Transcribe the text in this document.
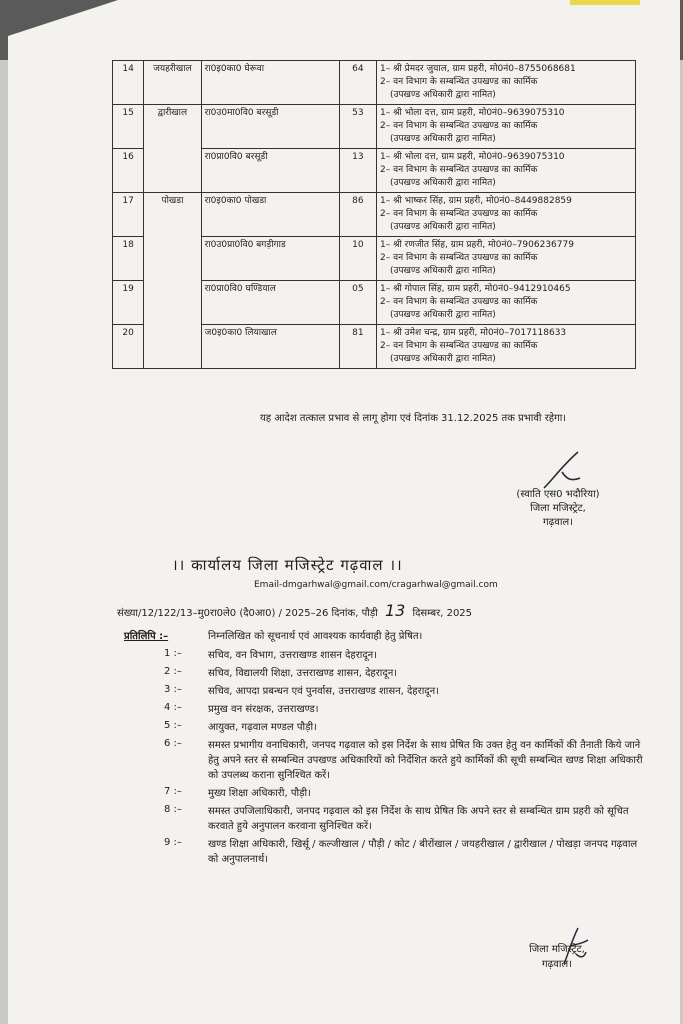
14	जयहरीखाल	रा0इ0का0 घेरूवा	64	1– श्री प्रेमदर जुयाल, ग्राम प्रहरी, मो0नं0–8755068681
2– वन विभाग के सम्बन्धित उपखण्ड का कार्मिक
(उपखण्ड अधिकारी द्वारा नामित)

15	द्वारीखाल	रा0उ0मा0वि0 बरसूडी	53	1– श्री भोला दत्त, ग्राम प्रहरी, मो0नं0–9639075310
2– वन विभाग के सम्बन्धित उपखण्ड का कार्मिक
(उपखण्ड अधिकारी द्वारा नामित)

16		रा0प्रा0वि0 बरसूडी	13	1– श्री भोला दत्त, ग्राम प्रहरी, मो0नं0–9639075310
2– वन विभाग के सम्बन्धित उपखण्ड का कार्मिक
(उपखण्ड अधिकारी द्वारा नामित)

17	पोखडा	रा0इ0का0 पोखडा	86	1– श्री भाष्कर सिंह, ग्राम प्रहरी, मो0नं0–8449882859
2– वन विभाग के सम्बन्धित उपखण्ड का कार्मिक
(उपखण्ड अधिकारी द्वारा नामित)

18		रा0उ0प्रा0वि0 बगड़ीगाड	10	1– श्री रणजीत सिंह, ग्राम प्रहरी, मो0नं0–7906236779
2– वन विभाग के सम्बन्धित उपखण्ड का कार्मिक
(उपखण्ड अधिकारी द्वारा नामित)

19		रा0प्रा0वि0 घण्डियाल	05	1– श्री गोपाल सिंह, ग्राम प्रहरी, मो0नं0–9412910465
2– वन विभाग के सम्बन्धित उपखण्ड का कार्मिक
(उपखण्ड अधिकारी द्वारा नामित)

20		ज0इ0का0 लियाखाल	81	1– श्री उमेश चन्द्र, ग्राम प्रहरी, मो0नं0–7017118633
2– वन विभाग के सम्बन्धित उपखण्ड का कार्मिक
(उपखण्ड अधिकारी द्वारा नामित)
यह आदेश तत्काल प्रभाव से लागू होगा एवं दिनांक 31.12.2025 तक प्रभावी रहेगा।
(स्वाति एस0 भदौरिया)
जिला मजिस्ट्रेट,
गढ़वाल।
।। कार्यालय जिला मजिस्ट्रेट गढ़वाल ।।
Email-dmgarhwal@gmail.com/cragarhwal@gmail.com
संख्या/12/122/13–मु0रा0ले0 (दै0आ0) / 2025–26 दिनांक, पौड़ी 13 दिसम्बर, 2025
प्रतिलिपि :–	निम्नलिखित को सूचनार्थ एवं आवश्यक कार्यवाही हेतु प्रेषित।
1 :–	सचिव, वन विभाग, उत्तराखण्ड शासन देहरादून।
2 :–	सचिव, विद्यालयी शिक्षा, उत्तराखण्ड शासन, देहरादून।
3 :–	सचिव, आपदा प्रबन्धन एवं पुनर्वास, उत्तराखण्ड शासन, देहरादून।
4 :–	प्रमुख वन संरक्षक, उत्तराखण्ड।
5 :–	आयुक्त, गढ़वाल मण्डल पौड़ी।
6 :–	समस्त प्रभागीय वनाधिकारी, जनपद गढ़वाल को इस निर्देश के साथ प्रेषित कि उक्त हेतु वन कार्मिकों की तैनाती किये जाने हेतु अपने स्तर से सम्बन्धित उपखण्ड अधिकारियों को निर्देशित करते हुये कार्मिकों की सूची सम्बन्धित खण्ड शिक्षा अधिकारी को उपलब्ध कराना सुनिश्चित करें।
7 :–	मुख्य शिक्षा अधिकारी, पौड़ी।
8 :–	समस्त उपजिलाधिकारी, जनपद गढ़वाल को इस निर्देश के साथ प्रेषित कि अपने स्तर से सम्बन्धित ग्राम प्रहरी को सूचित करवाते हुये अनुपालन करवाना सुनिश्चित करें।
9 :–	खण्ड शिक्षा अधिकारी, खिर्सू / कल्जीखाल / पौड़ी / कोट / बीरोंखाल / जयहरीखाल / द्वारीखाल / पोखड़ा जनपद गढ़वाल को अनुपालनार्थ।
जिला मजिस्ट्रेट,
गढ़वाल।
